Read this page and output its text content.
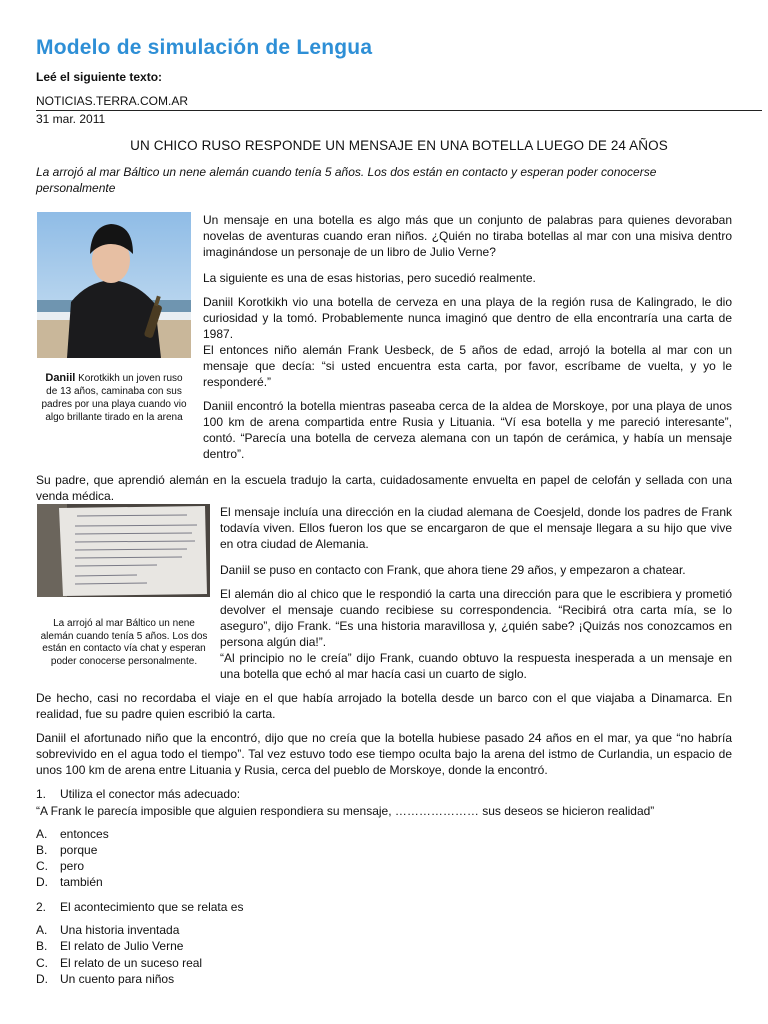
Modelo de simulación de Lengua
Leé el siguiente texto:
NOTICIAS.TERRA.COM.AR
31 mar. 2011
UN CHICO RUSO RESPONDE UN MENSAJE EN UNA BOTELLA LUEGO DE 24 AÑOS
La arrojó al mar Báltico un nene alemán cuando tenía 5 años. Los dos están en contacto y esperan poder conocerse personalmente
Daniil Korotkikh un joven ruso de 13 años, caminaba con sus padres por una playa cuando vio algo brillante tirado en la arena
La arrojó al mar Báltico un nene alemán cuando tenía 5 años. Los dos están en contacto vía chat y esperan poder conocerse personalmente.
Un mensaje en una botella es algo más que un conjunto de palabras para quienes devoraban novelas de aventuras cuando eran niños. ¿Quién no tiraba botellas al mar con una misiva dentro imaginándose un personaje de un libro de Julio Verne?
La siguiente es una de esas historias, pero sucedió realmente.
Daniil Korotkikh vio una botella de cerveza en una playa de la región rusa de Kalingrado, le dio curiosidad y la tomó. Probablemente nunca imaginó que dentro de ella encontraría una carta de 1987.
El entonces niño alemán Frank Uesbeck, de 5 años de edad, arrojó la botella al mar con un mensaje que decía: “si usted encuentra esta carta, por favor, escríbame de vuelta, y yo le responderé.”
Daniil encontró la botella mientras paseaba cerca de la aldea de Morskoye, por una playa de unos 100 km de arena compartida entre Rusia y Lituania. “Ví esa botella y me pareció interesante”, contó. “Parecía una botella de cerveza alemana con un tapón de cerámica, y había un mensaje dentro”.
Su padre, que aprendió alemán en la escuela tradujo la carta, cuidadosamente envuelta en papel de celofán y sellada con una venda médica.
El mensaje incluía una dirección en la ciudad alemana de Coesjeld, donde los padres de Frank todavía viven. Ellos fueron los que se encargaron de que el mensaje llegara a su hijo que vive en otra ciudad de Alemania.
Daniil se puso en contacto con Frank, que ahora tiene 29 años, y empezaron a chatear.
El alemán dio al chico que le respondió la carta una dirección para que le escribiera y prometió devolver el mensaje cuando recibiese su correspondencia. “Recibirá otra carta mía, se lo aseguro”, dijo Frank. “Es una historia maravillosa y, ¿quién sabe? ¡Quizás nos conozcamos en persona algún dia!”.
“Al principio no le creía” dijo Frank, cuando obtuvo la respuesta inesperada a un mensaje en una botella que echó al mar hacía casi un cuarto de siglo.
De hecho, casi no recordaba el viaje en el que había arrojado la botella desde un barco con el que viajaba a Dinamarca. En realidad, fue su padre quien escribió la carta.
Daniil el afortunado niño que la encontró, dijo que no creía que la botella hubiese pasado 24 años en el mar, ya que “no habría sobrevivido en el agua todo el tiempo”. Tal vez estuvo todo ese tiempo oculta bajo la arena del istmo de Curlandia, un espacio de unos 100 km de arena entre Lituania y Rusia, cerca del pueblo de Morskoye, donde la encontró.
1. Utiliza el conector más adecuado:
“A Frank le parecía imposible que alguien respondiera su mensaje, ………………… sus deseos se hicieron realidad”
A. entonces
B. porque
C. pero
D. también
2. El acontecimiento que se relata es
A. Una historia inventada
B. El relato de Julio Verne
C. El relato de un suceso real
D. Un cuento para niños
